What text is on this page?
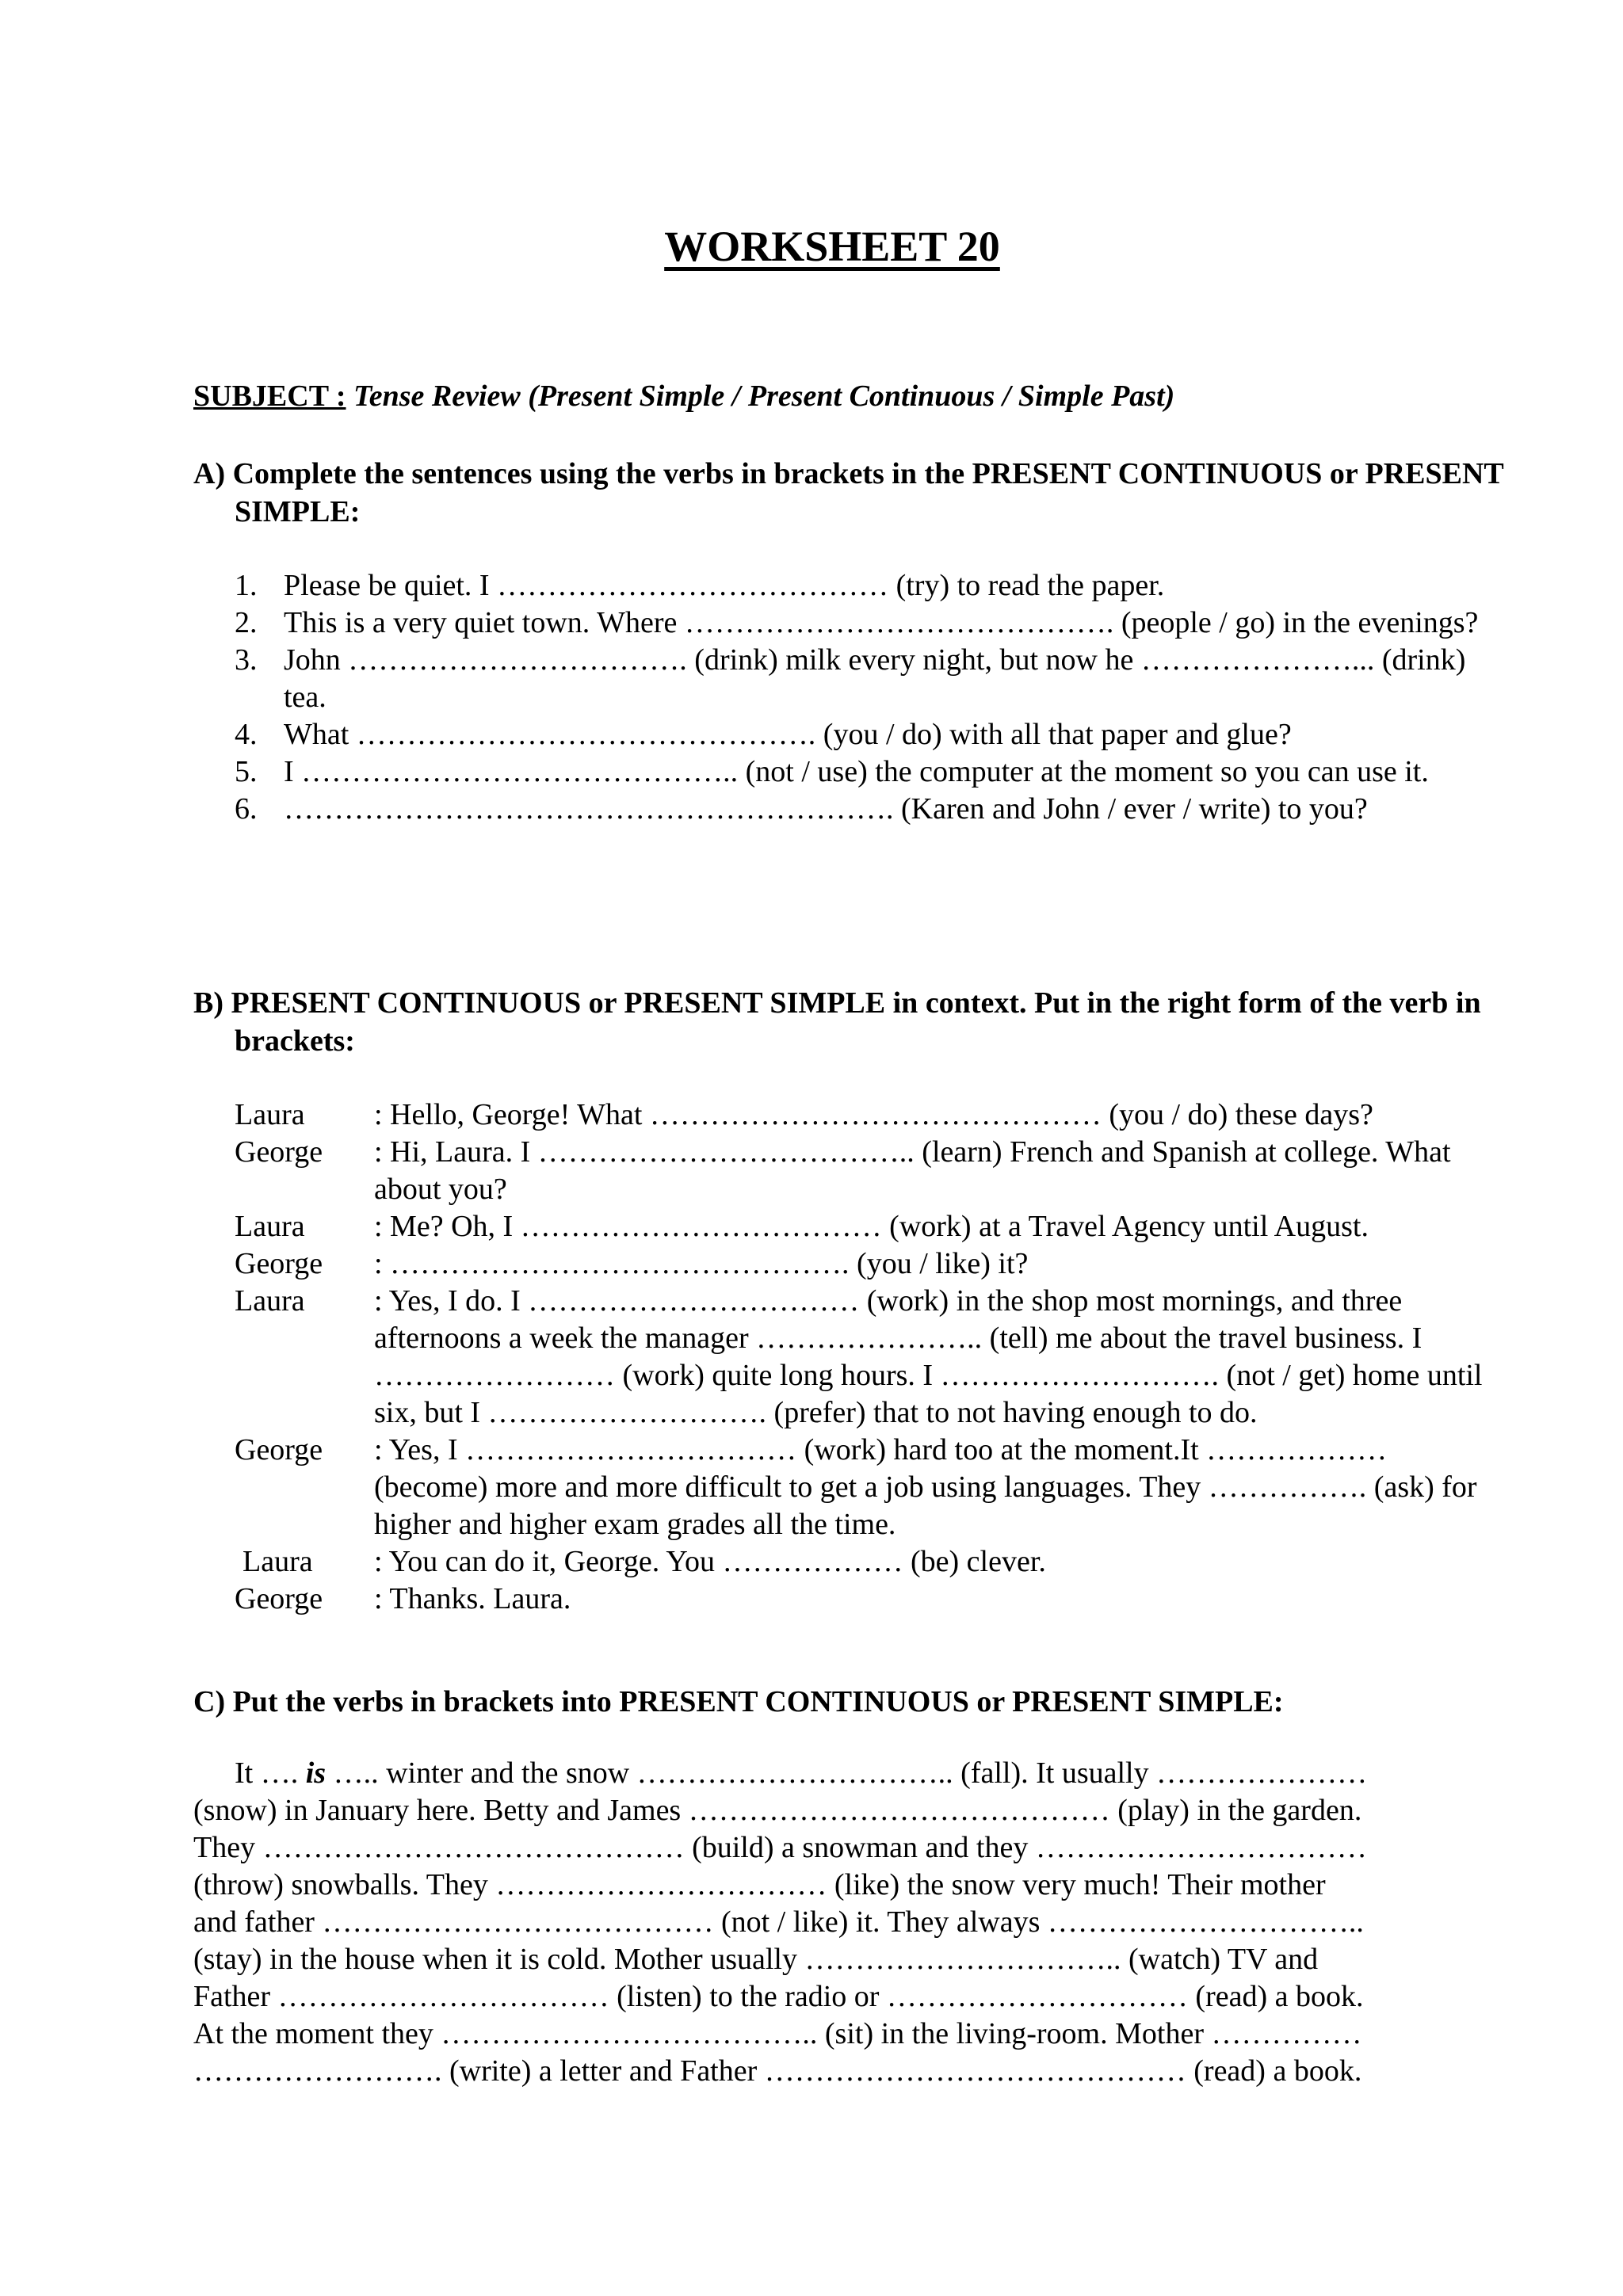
WORKSHEET 20
SUBJECT : Tense Review (Present Simple / Present Continuous / Simple Past)
A) Complete the sentences using the verbs in brackets in the PRESENT CONTINUOUS or PRESENT SIMPLE:
1. Please be quiet. I ………………………………… (try) to read the paper.
2. This is a very quiet town. Where ……………………………………. (people / go) in the evenings?
3. John ……………………………. (drink) milk every night, but now he …………………... (drink) tea.
4. What ………………………………………. (you / do) with all that paper and glue?
5. I …………………………………….. (not / use) the computer at the moment so you can use it.
6. ……………………………………………………. (Karen and John / ever / write) to you?
B) PRESENT CONTINUOUS or PRESENT SIMPLE in context. Put in the right form of the verb in brackets:
Laura : Hello, George! What ……………………………………… (you / do) these days?
George : Hi, Laura. I ……………………………….. (learn) French and Spanish at college. What about you?
Laura : Me? Oh, I ……………………………… (work) at a Travel Agency until August.
George : ………………………………………. (you / like) it?
Laura : Yes, I do. I …………………………… (work) in the shop most mornings, and three afternoons a week the manager ………………….. (tell) me about the travel business. I …………………… (work) quite long hours. I ………………………. (not / get) home until six, but I ………………………. (prefer) that to not having enough to do.
George : Yes, I …………………………… (work) hard too at the moment.It ……………… (become) more and more difficult to get a job using languages. They ……………. (ask) for higher and higher exam grades all the time.
Laura : You can do it, George. You ……………… (be) clever.
George : Thanks. Laura.
C) Put the verbs in brackets into PRESENT CONTINUOUS or PRESENT SIMPLE:
It …. is ….. winter and the snow ………………………….. (fall). It usually …………………
(snow) in January here. Betty and James …………………………………… (play) in the garden.
They …………………………………… (build) a snowman and they ……………………………
(throw) snowballs. They …………………………… (like) the snow very much! Their mother
and father ………………………………… (not / like) it. They always …………………………..
(stay) in the house when it is cold. Mother usually ………………………….. (watch) TV and
Father …………………………… (listen) to the radio or ………………………… (read) a book.
At the moment they ……………………………….. (sit) in the living-room. Mother ……………
……………………. (write) a letter and Father …………………………………… (read) a book.
